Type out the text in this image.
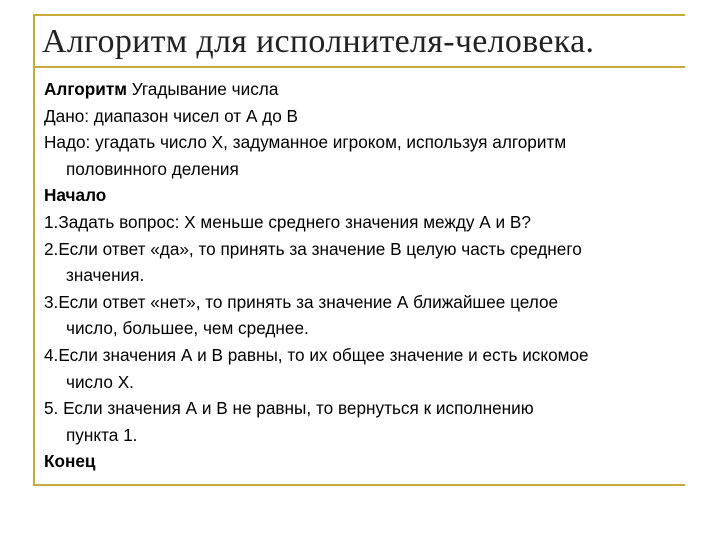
Алгоритм для исполнителя-человека.
Алгоритм Угадывание числа
Дано: диапазон чисел от А до В
Надо: угадать число Х, задуманное игроком, используя алгоритм
половинного деления
Начало
1.Задать вопрос: Х меньше среднего значения между А и В?
2.Если ответ «да», то принять за значение В целую часть среднего
значения.
3.Если ответ «нет», то принять за значение А ближайшее целое
число, большее, чем среднее.
4.Если значения А и В равны, то их общее значение и есть искомое
число Х.
5. Если значения А и В не равны, то вернуться к исполнению
пункта 1.
Конец
